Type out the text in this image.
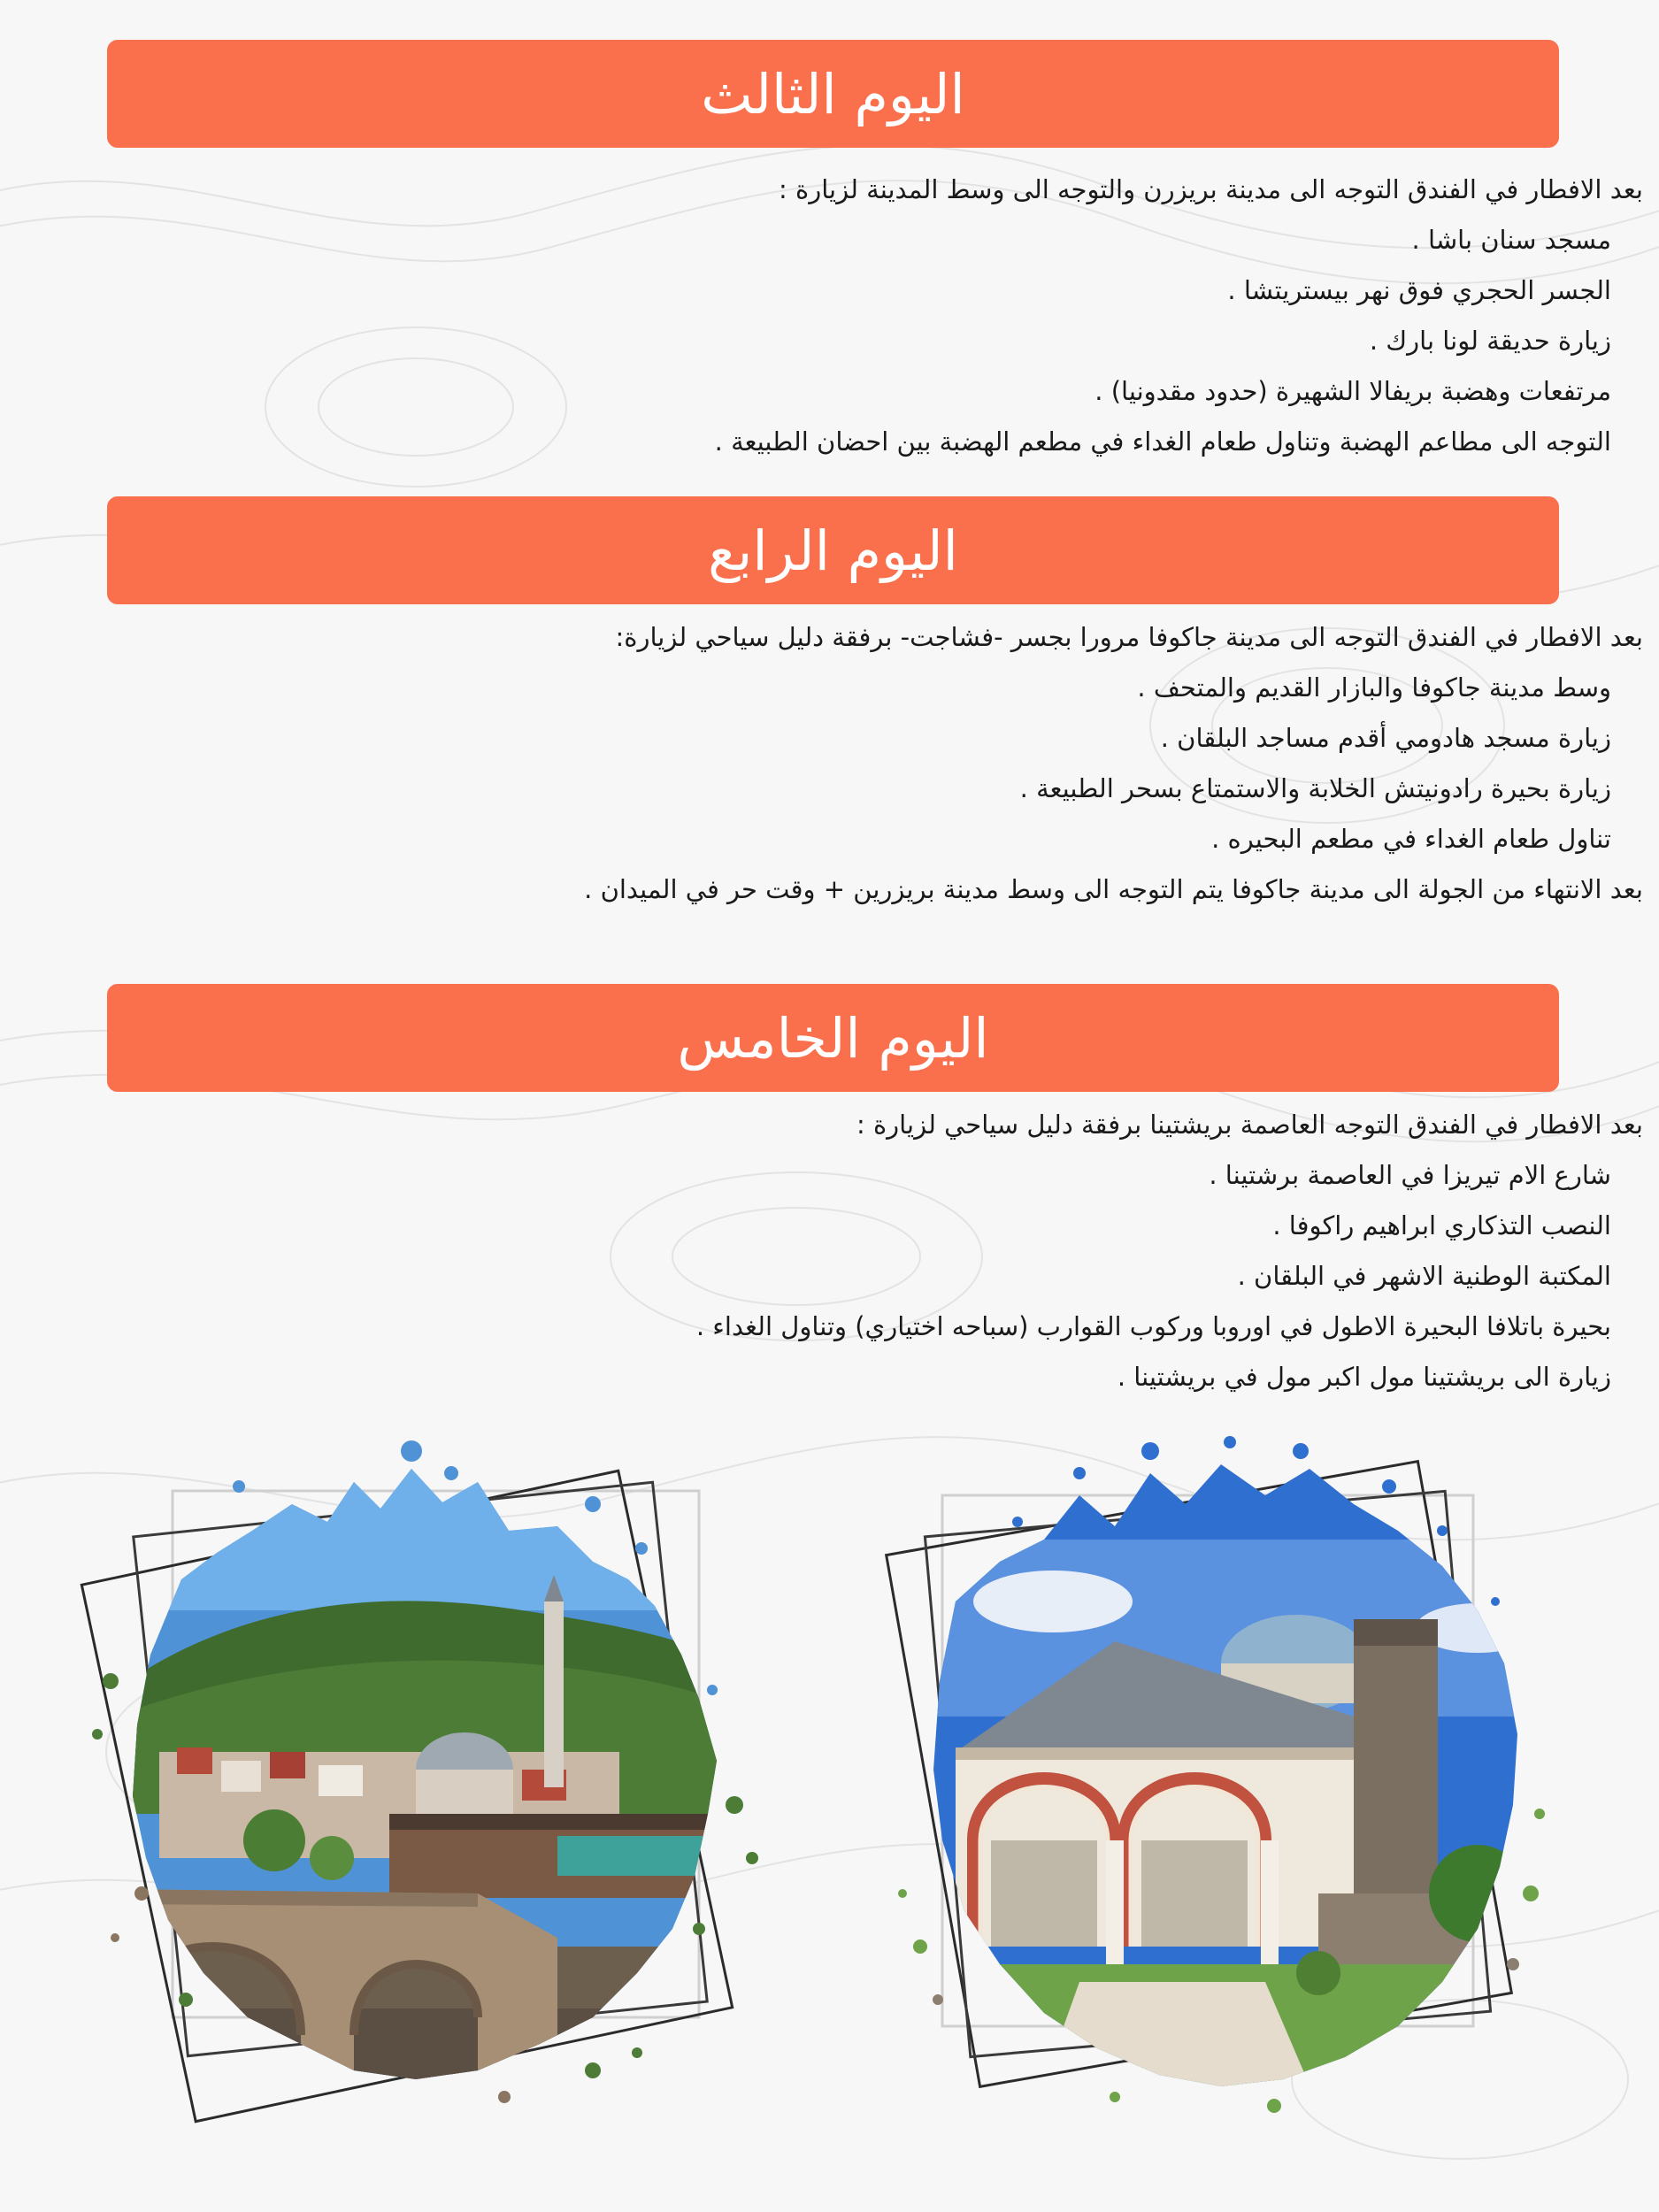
اليوم الثالث
بعد الافطار في الفندق التوجه الى مدينة بريزرن والتوجه الى وسط المدينة لزيارة :
مسجد سنان باشا .
الجسر الحجري فوق نهر بيستريتشا .
زيارة حديقة لونا بارك .
مرتفعات وهضبة بريفالا الشهيرة (حدود مقدونيا) .
التوجه الى مطاعم الهضبة وتناول طعام الغداء في مطعم الهضبة بين احضان الطبيعة .
اليوم الرابع
بعد الافطار في الفندق التوجه الى مدينة جاكوفا مرورا بجسر -فشاجت- برفقة دليل سياحي لزيارة:
وسط مدينة جاكوفا والبازار القديم والمتحف .
زيارة مسجد هادومي أقدم مساجد البلقان .
زيارة بحيرة رادونيتش الخلابة والاستمتاع بسحر الطبيعة .
تناول طعام الغداء في مطعم البحيره .
بعد الانتهاء من الجولة الى مدينة جاكوفا يتم التوجه الى وسط مدينة بريزرين + وقت حر في الميدان .
اليوم الخامس
بعد الافطار في الفندق التوجه العاصمة بريشتينا برفقة دليل سياحي لزيارة :
شارع الام تيريزا في العاصمة برشتينا .
النصب التذكاري ابراهيم راكوفا .
المكتبة الوطنية الاشهر في البلقان .
بحيرة باتلافا البحيرة الاطول في اوروبا وركوب القوارب (سباحه اختياري) وتناول الغداء .
زيارة الى بريشتينا مول اكبر مول في بريشتينا .
